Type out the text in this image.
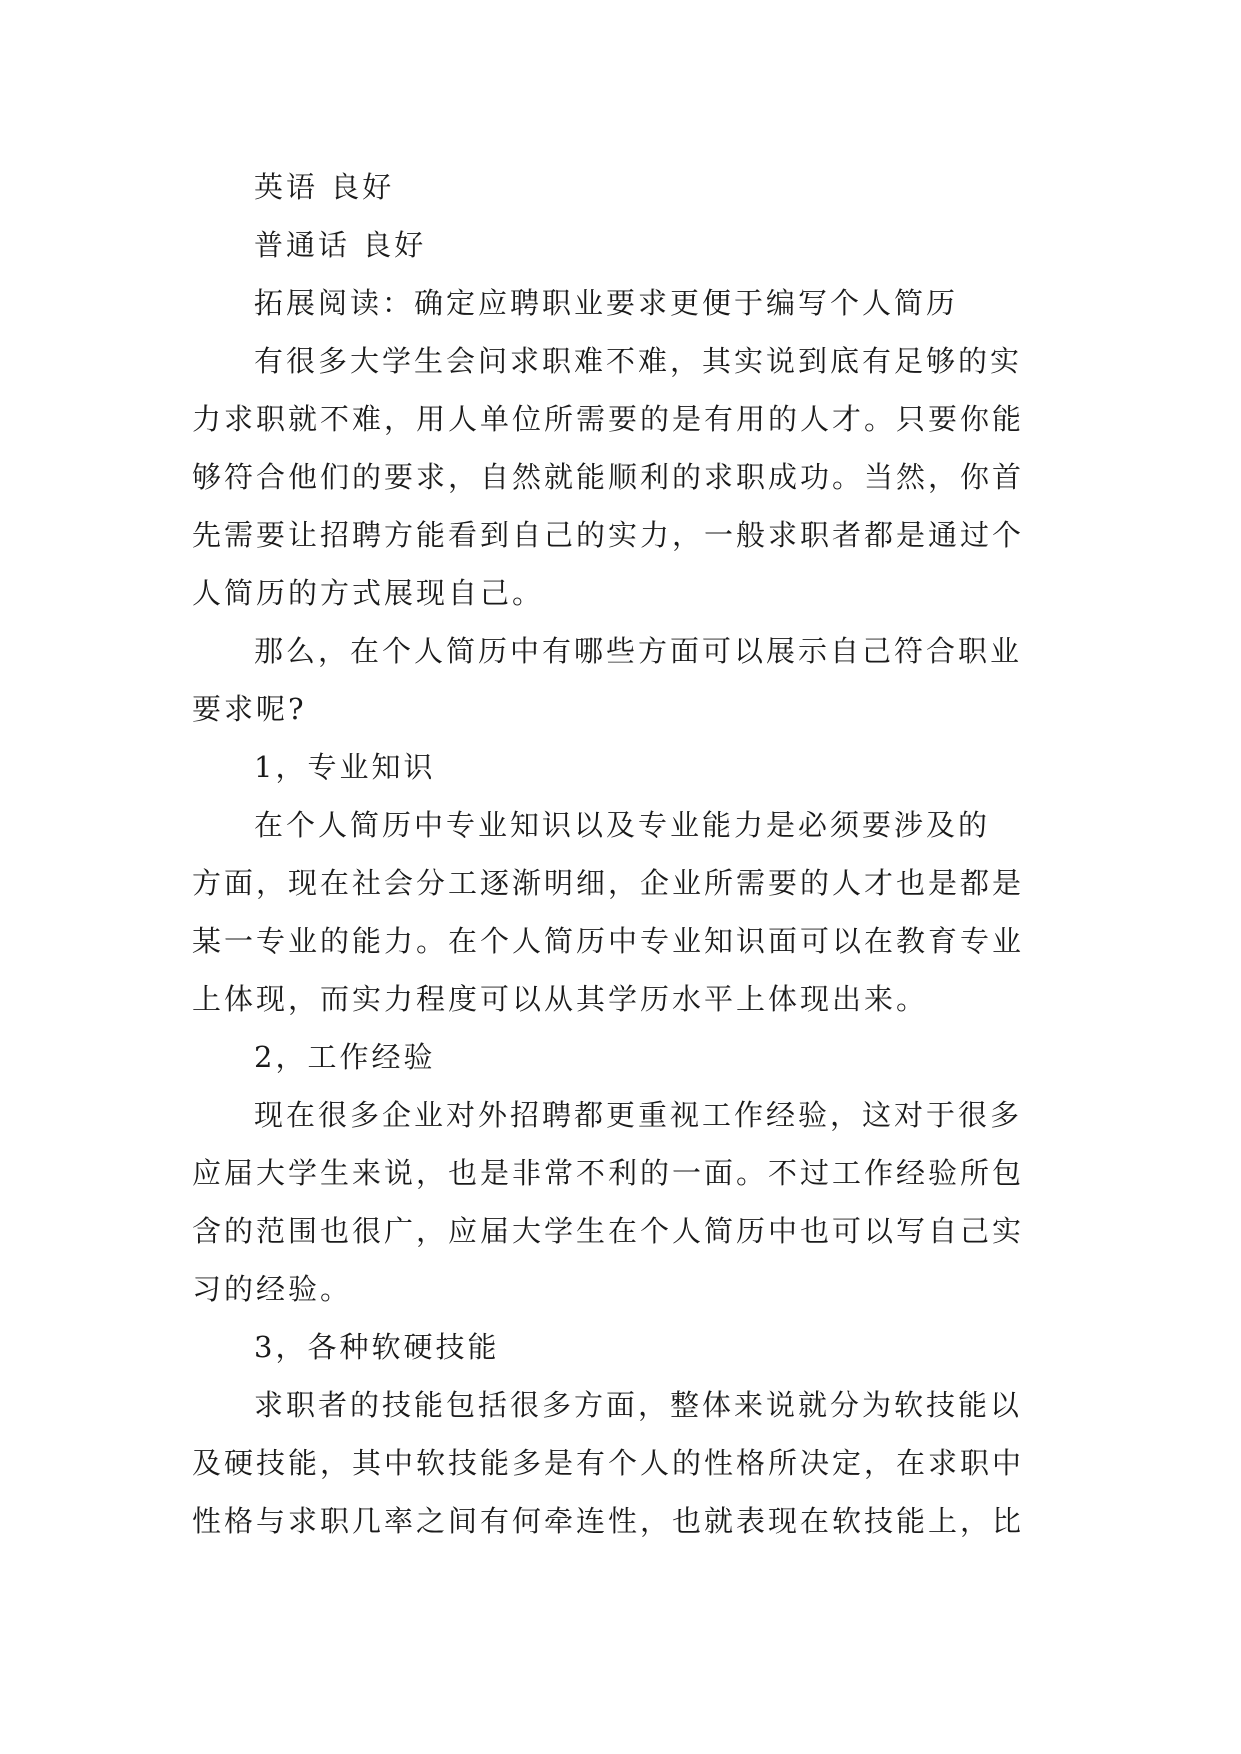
英语 良好
普通话 良好
拓展阅读：确定应聘职业要求更便于编写个人简历
有很多大学生会问求职难不难，其实说到底有足够的实
力求职就不难，用人单位所需要的是有用的人才。只要你能
够符合他们的要求，自然就能顺利的求职成功。当然，你首
先需要让招聘方能看到自己的实力，一般求职者都是通过个
人简历的方式展现自己。
那么，在个人简历中有哪些方面可以展示自己符合职业
要求呢?
1，专业知识
在个人简历中专业知识以及专业能力是必须要涉及的
方面，现在社会分工逐渐明细，企业所需要的人才也是都是
某一专业的能力。在个人简历中专业知识面可以在教育专业
上体现，而实力程度可以从其学历水平上体现出来。
2，工作经验
现在很多企业对外招聘都更重视工作经验，这对于很多
应届大学生来说，也是非常不利的一面。不过工作经验所包
含的范围也很广，应届大学生在个人简历中也可以写自己实
习的经验。
3，各种软硬技能
求职者的技能包括很多方面，整体来说就分为软技能以
及硬技能，其中软技能多是有个人的性格所决定，在求职中
性格与求职几率之间有何牵连性，也就表现在软技能上，比
